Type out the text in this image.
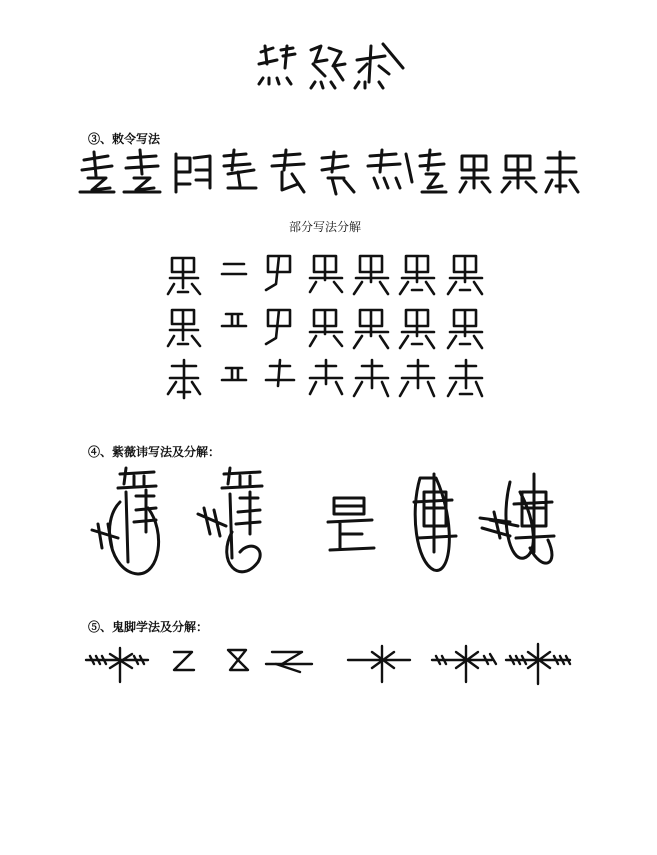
③、敕令写法
部分写法分解
④、紫薇讳写法及分解：
⑤、鬼脚学法及分解：
